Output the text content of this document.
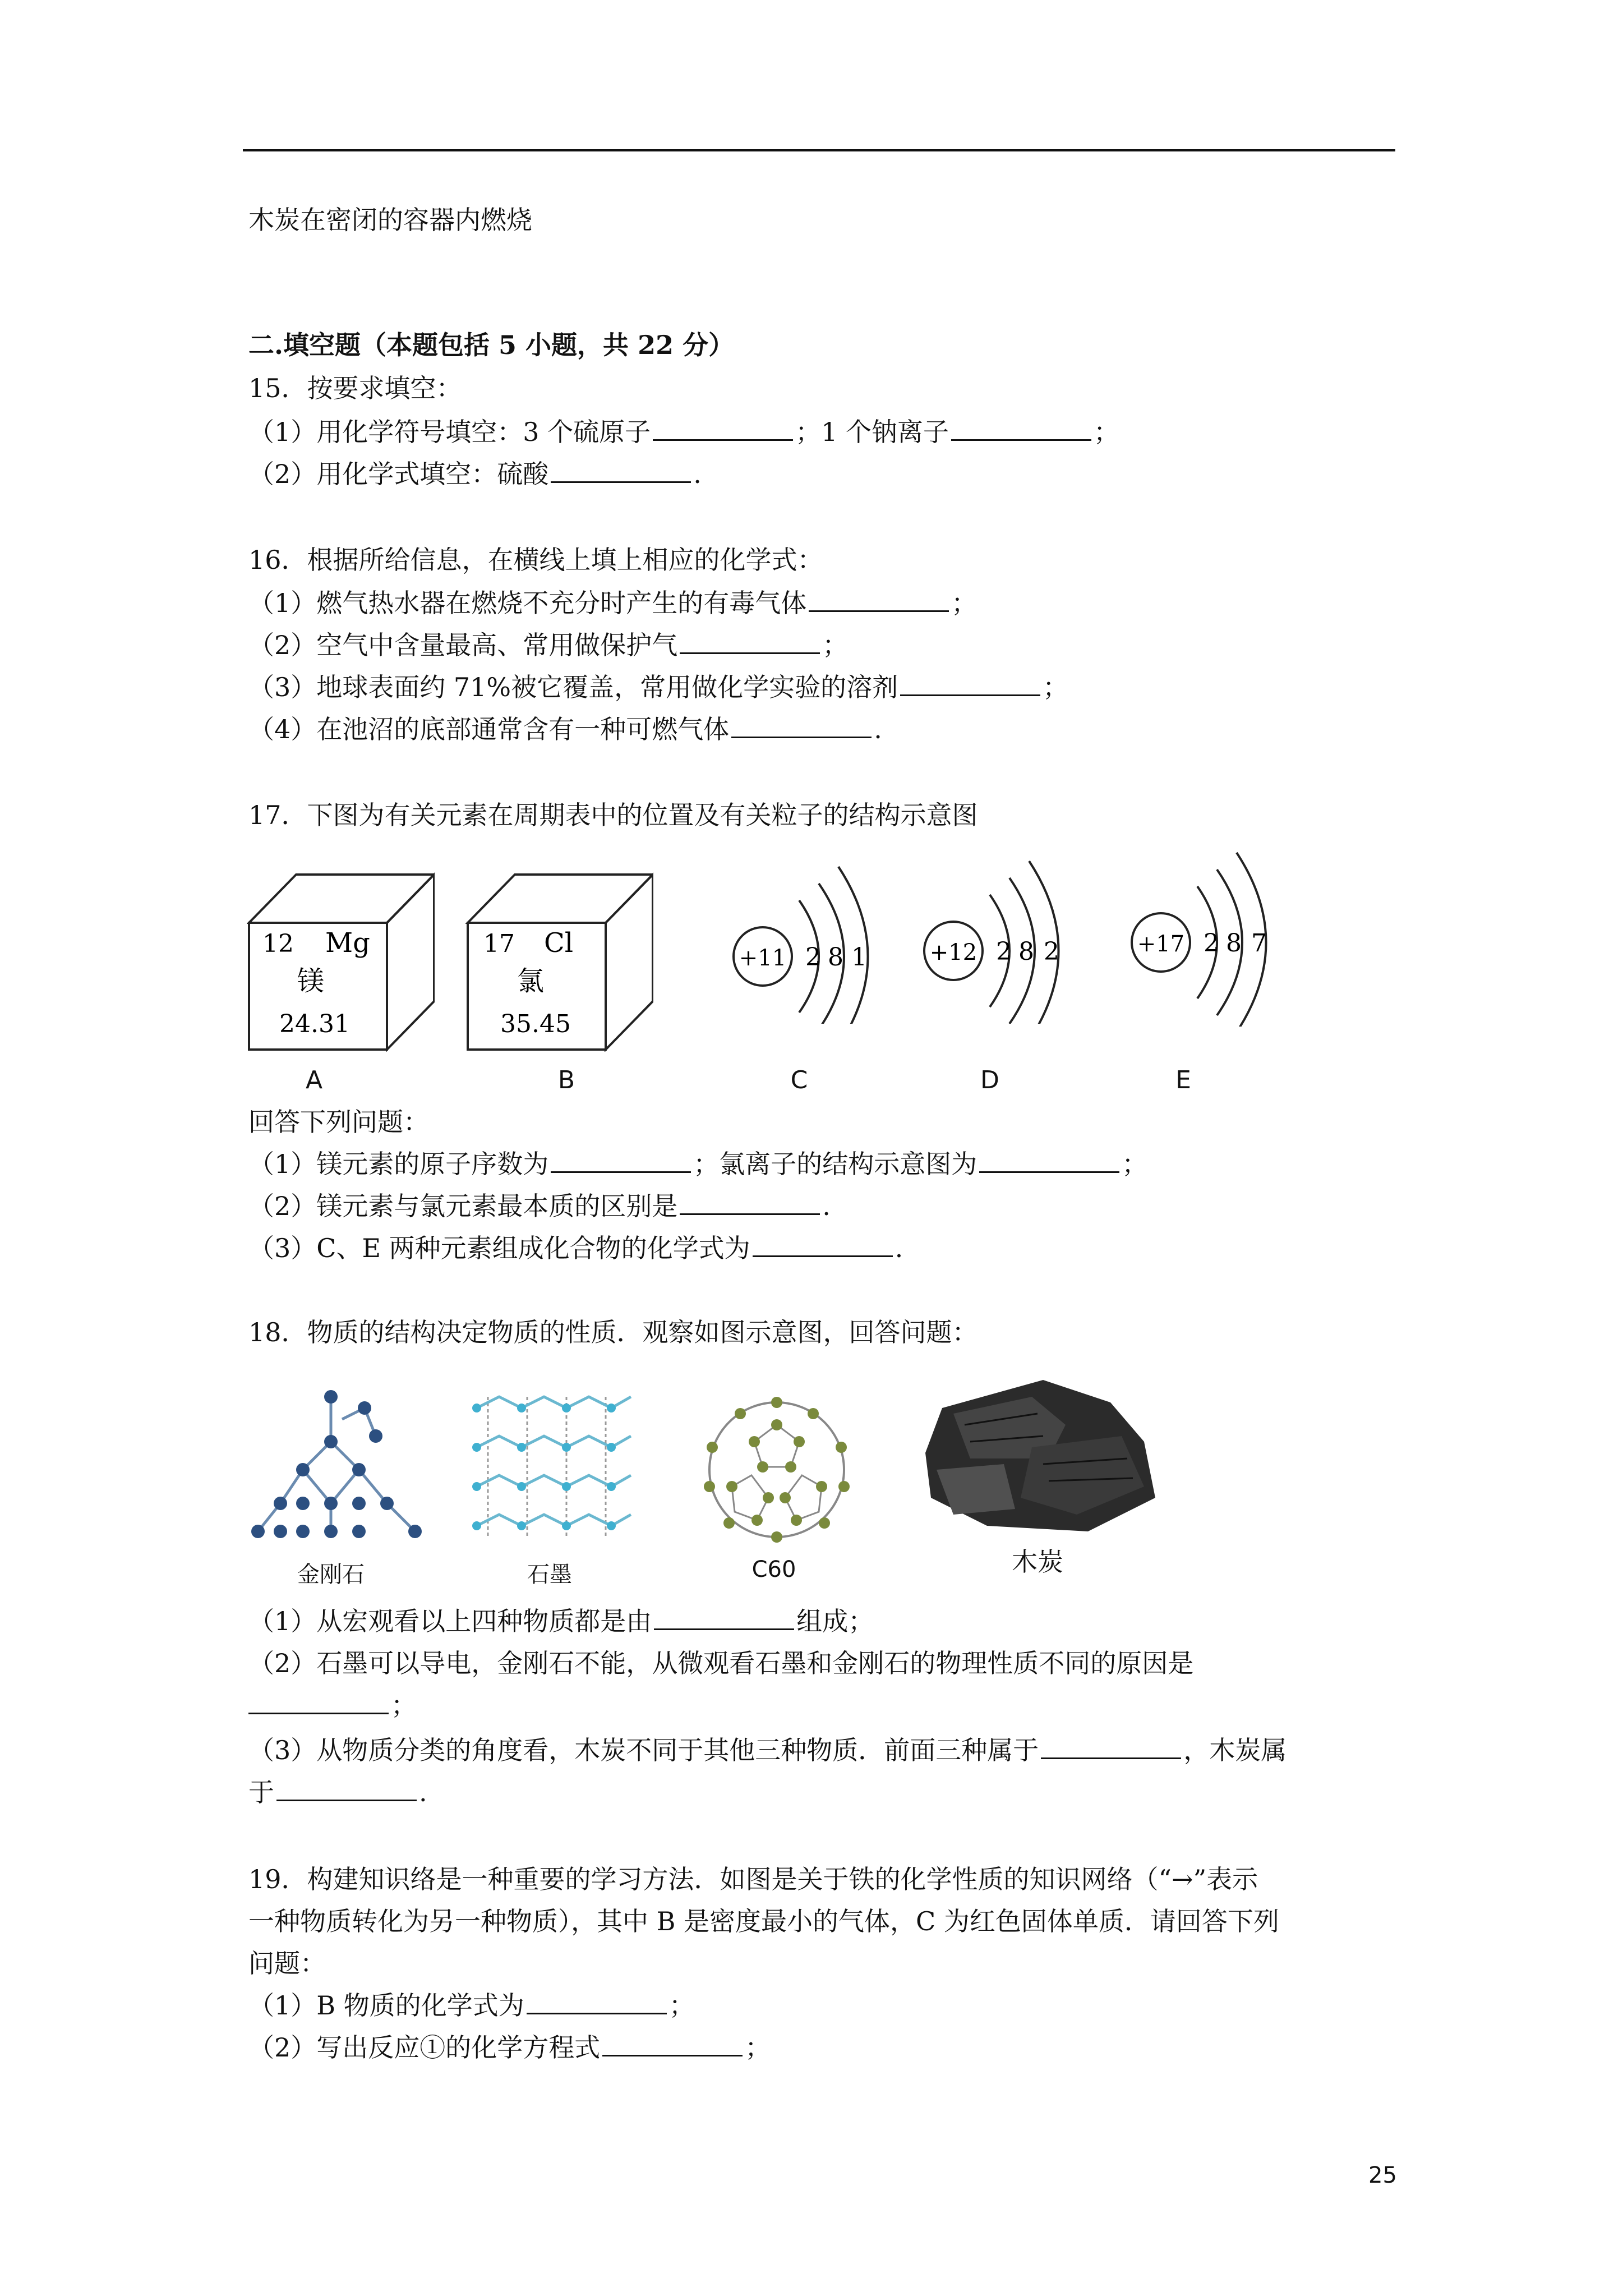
木炭在密闭的容器内燃烧
二.填空题（本题包括 5 小题，共 22 分）
15．按要求填空：
（1）用化学符号填空：3 个硫原子	；1 个钠离子	；
（2）用化学式填空：硫酸	.
16．根据所给信息，在横线上填上相应的化学式：
（1）燃气热水器在燃烧不充分时产生的有毒气体	；
（2）空气中含量最高、常用做保护气	；
（3）地球表面约 71%被它覆盖，常用做化学实验的溶剂	；
（4）在池沼的底部通常含有一种可燃气体	.
17．下图为有关元素在周期表中的位置及有关粒子的结构示意图
12 Mg
镁
24.31
17 Cl
氯
35.45
+11 2 8 1	+12 2 8 2	+17 2 8 7
A	B	C	D	E
回答下列问题：
（1）镁元素的原子序数为	；氯离子的结构示意图为	；
（2）镁元素与氯元素最本质的区别是	.
（3）C、E 两种元素组成化合物的化学式为	.
18．物质的结构决定物质的性质．观察如图示意图，回答问题：
金刚石	石墨	C60	木炭
（1）从宏观看以上四种物质都是由	组成；
（2）石墨可以导电，金刚石不能，从微观看石墨和金刚石的物理性质不同的原因是
；
（3）从物质分类的角度看，木炭不同于其他三种物质．前面三种属于	，木炭属
于	.
19．构建知识络是一种重要的学习方法．如图是关于铁的化学性质的知识网络（“→”表示
一种物质转化为另一种物质），其中 B 是密度最小的气体，C 为红色固体单质．请回答下列
问题：
（1）B 物质的化学式为	；
（2）写出反应①的化学方程式	；
25
